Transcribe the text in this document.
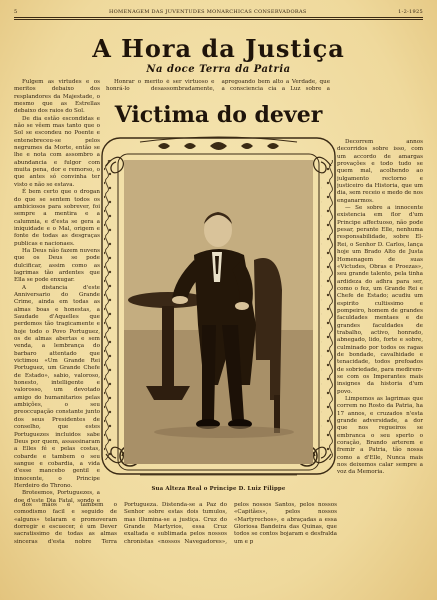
5	HOMENAGEM DAS JUVENTUDES MONARCHICAS CONSERVADORAS	1-2-1925
A Hora da Justiça
Na doce Terra da Patria

Fulgem as virtudes e os meritos debaixo dos resplandores da Majestade, o mesmo que as Estrellas debaixo dos raios do Sol.

De dia estão escondidas e não se vêem mas tanto que o Sol se escondeu no Poente e entenebreceu-se pelos negrumes da Morte, então se lhe e nota com assombro a abundancia e fulgor com muita pena, dor e remorso, o que antes só convinha ter visto e não se estava.

É bem certo que o drogan do que se sentem todos os ambiciosos para sobrever, foi sempre a mentira e a calumnia, e d'esta se gera a iniquidade e o Mal, origem e fonte de todas as desgraças publicas e nacionaes.

Ha Deus não fazem nuvens que os Deus se pode dulcificar, assim como as lagrimas tão ardentes que Ella se pode enxugar.

A distancia d'este Anniversario do Grande Crime, ainda em todas as almas boas e honestas, a Saudade d'Aquelles que perdemos tão tragicamente e hoje todo o Povo Portuguez, os de almas abertas e sem venda, a lembrança do barbaro attentado que victimou «Um Grande Rei Portuguez, um Grande Chefe de Estado», sabio, valoroso, honesto, intelligente e valorosso, um devotado amigo do humanitarios pelas ambições, o seu preoccupação constante junto dos seus Presidentes de conselho, que estes Portuguezes incluidos sabe Deus por quem, assassinaram a Elles fé e pelas costas, cobarde e tambem o seu sangue e cobardia, a vida d'esse mancebo gentil e innocente, o Principe Herdeiro do Throno.

Broteemos, Portuguezes, a doe d'este Dia Fatal, sondo e

Honrar o merito é ser virtuoso e honrá-lo desassombradamente, apregoando bem alto a Verdade, que a consciencia cia a Luz sobre a

Victima do dever
Sua Alteza Real o Principe D. Luiz Filippe

Decorrem annos decorridos sobre isso, com um accordo de amargas provações e todo tudo se quem mal, acolhendo ao julgamento rectorno e justiceiro da Historia, que um dia, sem receio e medo de nos enganarmos.

— Se sobre a innocente existencia em flor d'um Principe affectuoso, não pode pesar, perante Elle, nenhuma responsabilidade, sobre El-Rei, o Senhor D. Carlos, lança hoje um Brado Alto de Justa Homenagem de suas «Victudes, Obras e Proezas», seu grande talento, pela tinha ardideza do adhra para ser, como o fez, um Grande Rei e Chefe de Estado; acudiu um espirito cultissimo e pompeiro, homem de grandes faculdades mentaes e de grandes faculdades de trabalho, activo, honrado, abnegado, lido, forte e sobre, culminado por todos os ragas de bondade, cavalhidade e tenacidade, todos prefoados de sobriedade, para medirem-se com os Imperantes mais insignes da historia d'um povo.

Limpemos as lagrimas que correm no Rosto da Patria, ha 17 annos, e cruzados n'esta grande adversidade, a dor que nos regueiros se embranca o seu sperto o coração, Brando arterem e fremir a Patria, tão nossa como a d'Elle, Nunca mais nos deixemos calar sempre a voz da Memoria.

dos mãos e tambem o comodismo facil e seguido de «alguns» telaram e promoveram dorregir e escuecer, é um Dever sacratissimo de todas as almas sinceras d'esta nobre Terra Portugueza. Distenda-se a Paz do Senhor sobre estas dois tumulos, mas illumina-se a justiça. Cruz do Grande Martyrios, essa Cruz exaltada e sublimada pelos nossos chronistas «nossos Navegadores», pelos nossos Santos, pelos nossos «Capitães», pelos nossos «Martyrechos», e abraçadas a essa Gloriosa Bandeira das Quinas, que todos se contos bojaram e desfralda um e p
